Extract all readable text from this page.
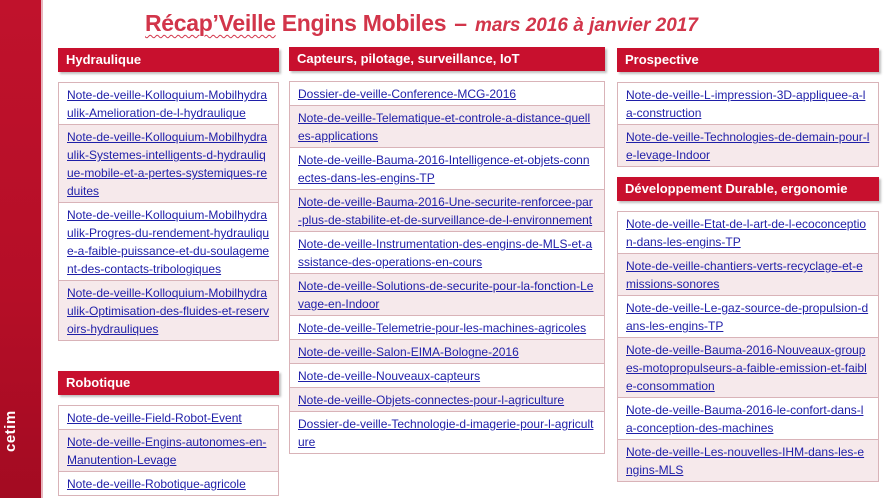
cetim
Récap’Veille Engins Mobiles – mars 2016 à janvier 2017
Hydraulique
Note-de-veille-Kolloquium-Mobilhydraulik-Amelioration-de-l-hydraulique
Note-de-veille-Kolloquium-Mobilhydraulik-Systemes-intelligents-d-hydraulique-mobile-et-a-pertes-systemiques-reduites
Note-de-veille-Kolloquium-Mobilhydraulik-Progres-du-rendement-hydraulique-a-faible-puissance-et-du-soulagement-des-contacts-tribologiques
Note-de-veille-Kolloquium-Mobilhydraulik-Optimisation-des-fluides-et-reservoirs-hydrauliques
Robotique
Note-de-veille-Field-Robot-Event
Note-de-veille-Engins-autonomes-en-Manutention-Levage
Note-de-veille-Robotique-agricole
Capteurs, pilotage, surveillance, IoT
Dossier-de-veille-Conference-MCG-2016
Note-de-veille-Telematique-et-controle-a-distance-quelles-applications
Note-de-veille-Bauma-2016-Intelligence-et-objets-connectes-dans-les-engins-TP
Note-de-veille-Bauma-2016-Une-securite-renforcee-par-plus-de-stabilite-et-de-surveillance-de-l-environnement
Note-de-veille-Instrumentation-des-engins-de-MLS-et-assistance-des-operations-en-cours
Note-de-veille-Solutions-de-securite-pour-la-fonction-Levage-en-Indoor
Note-de-veille-Telemetrie-pour-les-machines-agricoles
Note-de-veille-Salon-EIMA-Bologne-2016
Note-de-veille-Nouveaux-capteurs
Note-de-veille-Objets-connectes-pour-l-agriculture
Dossier-de-veille-Technologie-d-imagerie-pour-l-agriculture
Prospective
Note-de-veille-L-impression-3D-appliquee-a-la-construction
Note-de-veille-Technologies-de-demain-pour-le-levage-Indoor
Développement Durable, ergonomie
Note-de-veille-Etat-de-l-art-de-l-ecoconception-dans-les-engins-TP
Note-de-veille-chantiers-verts-recyclage-et-emissions-sonores
Note-de-veille-Le-gaz-source-de-propulsion-dans-les-engins-TP
Note-de-veille-Bauma-2016-Nouveaux-groupes-motopropulseurs-a-faible-emission-et-faible-consommation
Note-de-veille-Bauma-2016-le-confort-dans-la-conception-des-machines
Note-de-veille-Les-nouvelles-IHM-dans-les-engins-MLS
